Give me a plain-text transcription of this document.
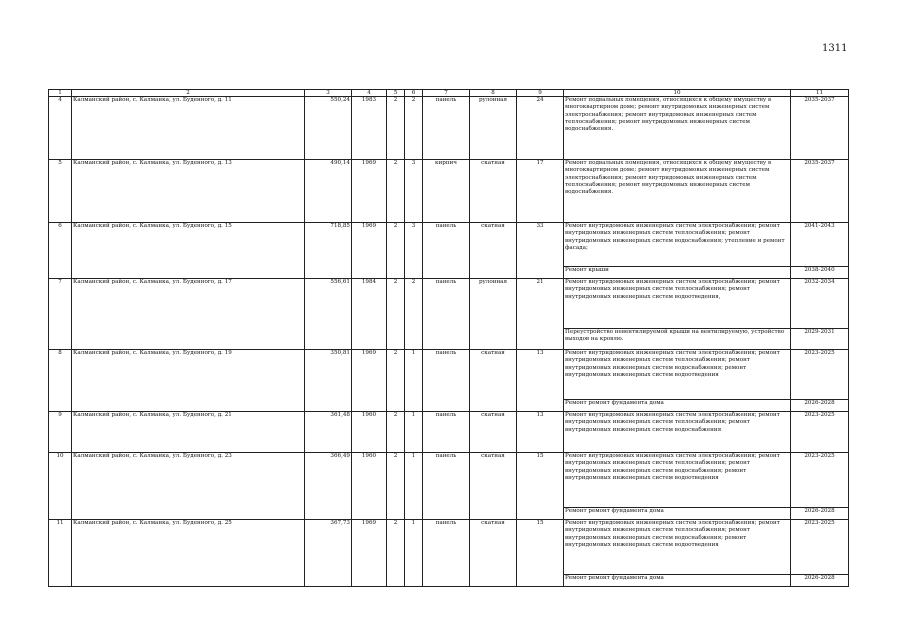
1311
1	2	3	4	5	6	7	8	9	10	11
4	Калманский район, с. Калманка, ул. Буденного, д. 11	550,24	1983	2	2	панель	рулонная	24	Ремонт подвальных помещения, относящихся к общему имуществу в многоквартирном доме; ремонт внутридомовых инженерных систем электроснабжения; ремонт внутридомовых инженерных систем теплоснабжения; ремонт внутридомовых инженерных систем водоснабжения.	2035-2037
5	Калманский район, с. Калманка, ул. Буденного, д. 13	490,14	1969	2	3	кирпич	скатная	17	Ремонт подвальных помещения, относящихся к общему имуществу в многоквартирном доме; ремонт внутридомовых инженерных систем электроснабжения; ремонт внутридомовых инженерных систем теплоснабжения; ремонт внутридомовых инженерных систем водоснабжения.	2035-2037
6	Калманский район, с. Калманка, ул. Буденного, д. 15	718,85	1969	2	3	панель	скатная	33	Ремонт внутридомовых инженерных систем электроснабжения; ремонт внутридомовых инженерных систем теплоснабжения; ремонт внутридомовых инженерных систем водоснабжения; утепление и ремонт фасада;	2041-2043
									Ремонт крыши	2038-2040
7	Калманский район, с. Калманка, ул. Буденного, д. 17	556,61	1984	2	2	панель	рулонная	21	Ремонт внутридомовых инженерных систем электроснабжения; ремонт внутридомовых инженерных систем теплоснабжения; ремонт внутридомовых инженерных систем водоотведения,	2032-2034
									Переустройство невентилируемой крыши на вентилируемую, устройство выходов на кровлю.	2029-2031
8	Калманский район, с. Калманка, ул. Буденного, д. 19	350,81	1969	2	1	панель	скатная	13	Ремонт внутридомовых инженерных систем электроснабжения; ремонт внутридомовых инженерных систем теплоснабжения; ремонт внутридомовых инженерных систем водоснабжения; ремонт внутридомовых инженерных систем водоотведения	2023-2025
									Ремонт ремонт фундамента дома	2026-2028
9	Калманский район, с. Калманка, ул. Буденного, д. 21	361,48	1960	2	1	панель	скатная	13	Ремонт внутридомовых инженерных систем электроснабжения; ремонт внутридомовых инженерных систем теплоснабжения; ремонт внутридомовых инженерных систем водоснабжения	2023-2025
10	Калманский район, с. Калманка, ул. Буденного, д. 23	366,49	1960	2	1	панель	скатная	15	Ремонт внутридомовых инженерных систем электроснабжения; ремонт внутридомовых инженерных систем теплоснабжения; ремонт внутридомовых инженерных систем водоснабжения; ремонт внутридомовых инженерных систем водоотведения	2023-2025
									Ремонт ремонт фундамента дома	2026-2028
11	Калманский район, с. Калманка, ул. Буденного, д. 25	367,73	1969	2	1	панель	скатная	15	Ремонт внутридомовых инженерных систем электроснабжения; ремонт внутридомовых инженерных систем теплоснабжения; ремонт внутридомовых инженерных систем водоснабжения; ремонт внутридомовых инженерных систем водоотведения	2023-2025
									Ремонт ремонт фундамента дома	2026-2028
